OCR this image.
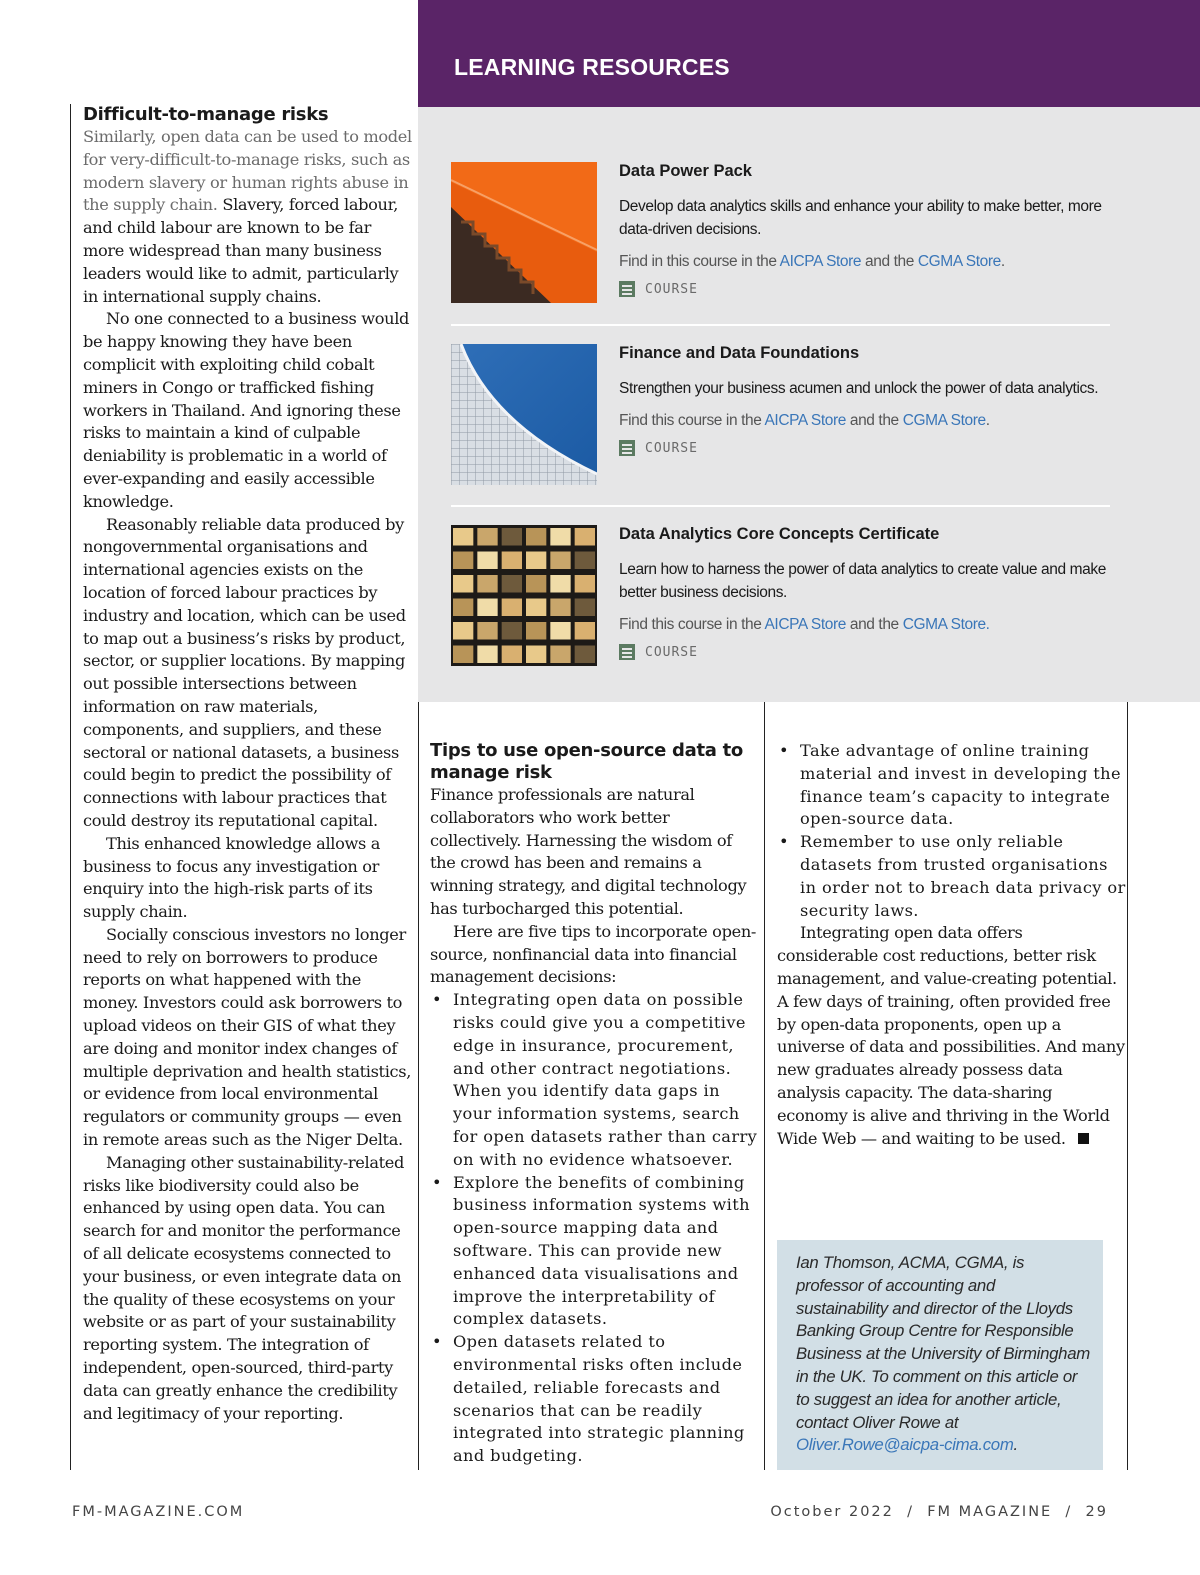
Difficult-to-manage risks

Similarly, open data can be used to model for very-difficult-to-manage risks, such as modern slavery or human rights abuse in the supply chain. Slavery, forced labour, and child labour are known to be far more widespread than many business leaders would like to admit, particularly in international supply chains.

No one connected to a business would be happy knowing they have been complicit with exploiting child cobalt miners in Congo or trafficked fishing workers in Thailand. And ignoring these risks to maintain a kind of culpable deniability is problematic in a world of ever-expanding and easily accessible knowledge.

Reasonably reliable data produced by nongovernmental organisations and international agencies exists on the location of forced labour practices by industry and location, which can be used to map out a business’s risks by product, sector, or supplier locations. By mapping out possible intersections between information on raw materials, components, and suppliers, and these sectoral or national datasets, a business could begin to predict the possibility of connections with labour practices that could destroy its reputational capital.

This enhanced knowledge allows a business to focus any investigation or enquiry into the high-risk parts of its supply chain.

Socially conscious investors no longer need to rely on borrowers to produce reports on what happened with the money. Investors could ask borrowers to upload videos on their GIS of what they are doing and monitor index changes of multiple deprivation and health statistics, or evidence from local environmental regulators or community groups — even in remote areas such as the Niger Delta.

Managing other sustainability-related risks like biodiversity could also be enhanced by using open data. You can search for and monitor the performance of all delicate ecosystems connected to your business, or even integrate data on the quality of these ecosystems on your website or as part of your sustainability reporting system. The integration of independent, open-sourced, third-party data can greatly enhance the credibility and legitimacy of your reporting.

LEARNING RESOURCES

Data Power Pack

Develop data analytics skills and enhance your ability to make better, more data-driven decisions.

Find in this course in the AICPA Store and the CGMA Store.

COURSE

Finance and Data Foundations

Strengthen your business acumen and unlock the power of data analytics.

Find this course in the AICPA Store and the CGMA Store.

COURSE

Data Analytics Core Concepts Certificate

Learn how to harness the power of data analytics to create value and make better business decisions.

Find this course in the AICPA Store and the CGMA Store.

COURSE
Tips to use open-source data to manage risk

Finance professionals are natural collaborators who work better collectively. Harnessing the wisdom of the crowd has been and remains a winning strategy, and digital technology has turbocharged this potential.

Here are five tips to incorporate open-source, nonfinancial data into financial management decisions:

• Integrating open data on possible risks could give you a competitive edge in insurance, procurement, and other contract negotiations. When you identify data gaps in your information systems, search for open datasets rather than carry on with no evidence whatsoever.
• Explore the benefits of combining business information systems with open-source mapping data and software. This can provide new enhanced data visualisations and improve the interpretability of complex datasets.
• Open datasets related to environmental risks often include detailed, reliable forecasts and scenarios that can be readily integrated into strategic planning and budgeting.
• Take advantage of online training material and invest in developing the finance team’s capacity to integrate open-source data.
• Remember to use only reliable datasets from trusted organisations in order not to breach data privacy or security laws.

Integrating open data offers considerable cost reductions, better risk management, and value-creating potential. A few days of training, often provided free by open-data proponents, open up a universe of data and possibilities. And many new graduates already possess data analysis capacity. The data-sharing economy is alive and thriving in the World Wide Web — and waiting to be used.

Ian Thomson, ACMA, CGMA, is professor of accounting and sustainability and director of the Lloyds Banking Group Centre for Responsible Business at the University of Birmingham in the UK. To comment on this article or to suggest an idea for another article, contact Oliver Rowe at Oliver.Rowe@aicpa-cima.com.

FM-MAGAZINE.COM	October 2022  /  FM MAGAZINE  /  29
